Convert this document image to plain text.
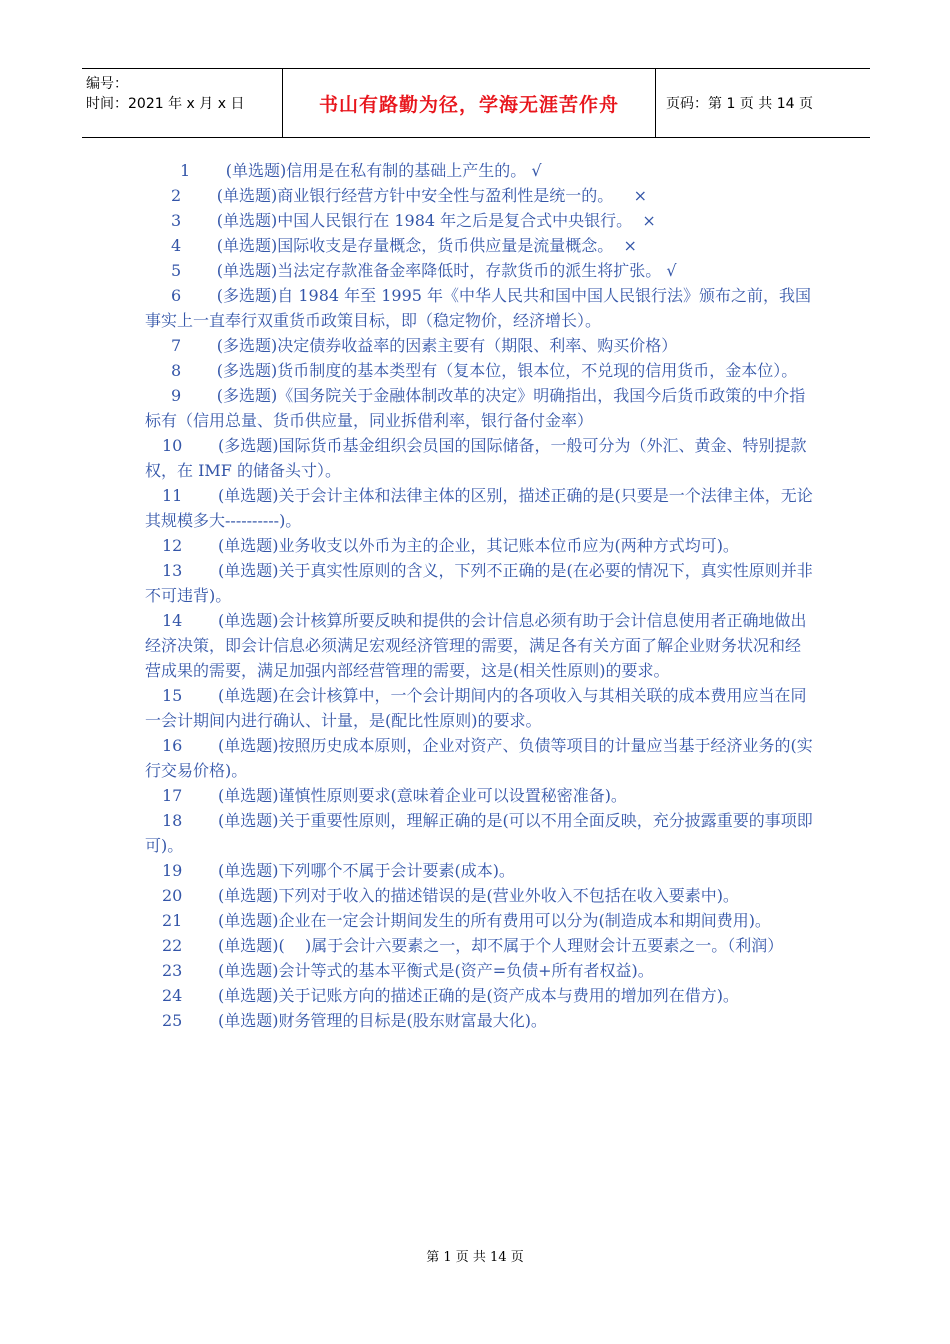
编号：
时间：2021 年 x 月 x 日	书山有路勤为径，学海无涯苦作舟	页码：第 1 页 共 14 页

1       (单选题)信用是在私有制的基础上产生的。 √

2       (单选题)商业银行经营方针中安全性与盈利性是统一的。    ×

3       (单选题)中国人民银行在 1984 年之后是复合式中央银行。  ×

4       (单选题)国际收支是存量概念，货币供应量是流量概念。  ×

5       (单选题)当法定存款准备金率降低时，存款货币的派生将扩张。 √

6       (多选题)自 1984 年至 1995 年《中华人民共和国中国人民银行法》颁布之前，我国事实上一直奉行双重货币政策目标，即（稳定物价，经济增长）。

7       (多选题)决定债券收益率的因素主要有（期限、利率、购买价格）

8       (多选题)货币制度的基本类型有（复本位，银本位，不兑现的信用货币，金本位）。

9       (多选题)《国务院关于金融体制改革的决定》明确指出，我国今后货币政策的中介指标有（信用总量、货币供应量，同业拆借利率，银行备付金率）

10       (多选题)国际货币基金组织会员国的国际储备，一般可分为（外汇、黄金、特别提款权，在 IMF 的储备头寸）。

11       (单选题)关于会计主体和法律主体的区别，描述正确的是(只要是一个法律主体，无论其规模多大----------)。

12       (单选题)业务收支以外币为主的企业，其记账本位币应为(两种方式均可)。

13       (单选题)关于真实性原则的含义，下列不正确的是(在必要的情况下，真实性原则并非不可违背)。

14       (单选题)会计核算所要反映和提供的会计信息必须有助于会计信息使用者正确地做出经济决策，即会计信息必须满足宏观经济管理的需要，满足各有关方面了解企业财务状况和经营成果的需要，满足加强内部经营管理的需要，这是(相关性原则)的要求。

15       (单选题)在会计核算中，一个会计期间内的各项收入与其相关联的成本费用应当在同一会计期间内进行确认、计量，是(配比性原则)的要求。

16       (单选题)按照历史成本原则，企业对资产、负债等项目的计量应当基于经济业务的(实行交易价格)。

17       (单选题)谨慎性原则要求(意味着企业可以设置秘密准备)。

18       (单选题)关于重要性原则，理解正确的是(可以不用全面反映，充分披露重要的事项即可)。

19       (单选题)下列哪个不属于会计要素(成本)。

20       (单选题)下列对于收入的描述错误的是(营业外收入不包括在收入要素中)。

21       (单选题)企业在一定会计期间发生的所有费用可以分为(制造成本和期间费用)。

22       (单选题)(    )属于会计六要素之一，却不属于个人理财会计五要素之一。（利润）

23       (单选题)会计等式的基本平衡式是(资产=负债+所有者权益)。

24       (单选题)关于记账方向的描述正确的是(资产成本与费用的增加列在借方)。

25       (单选题)财务管理的目标是(股东财富最大化)。

第 1 页 共 14 页
